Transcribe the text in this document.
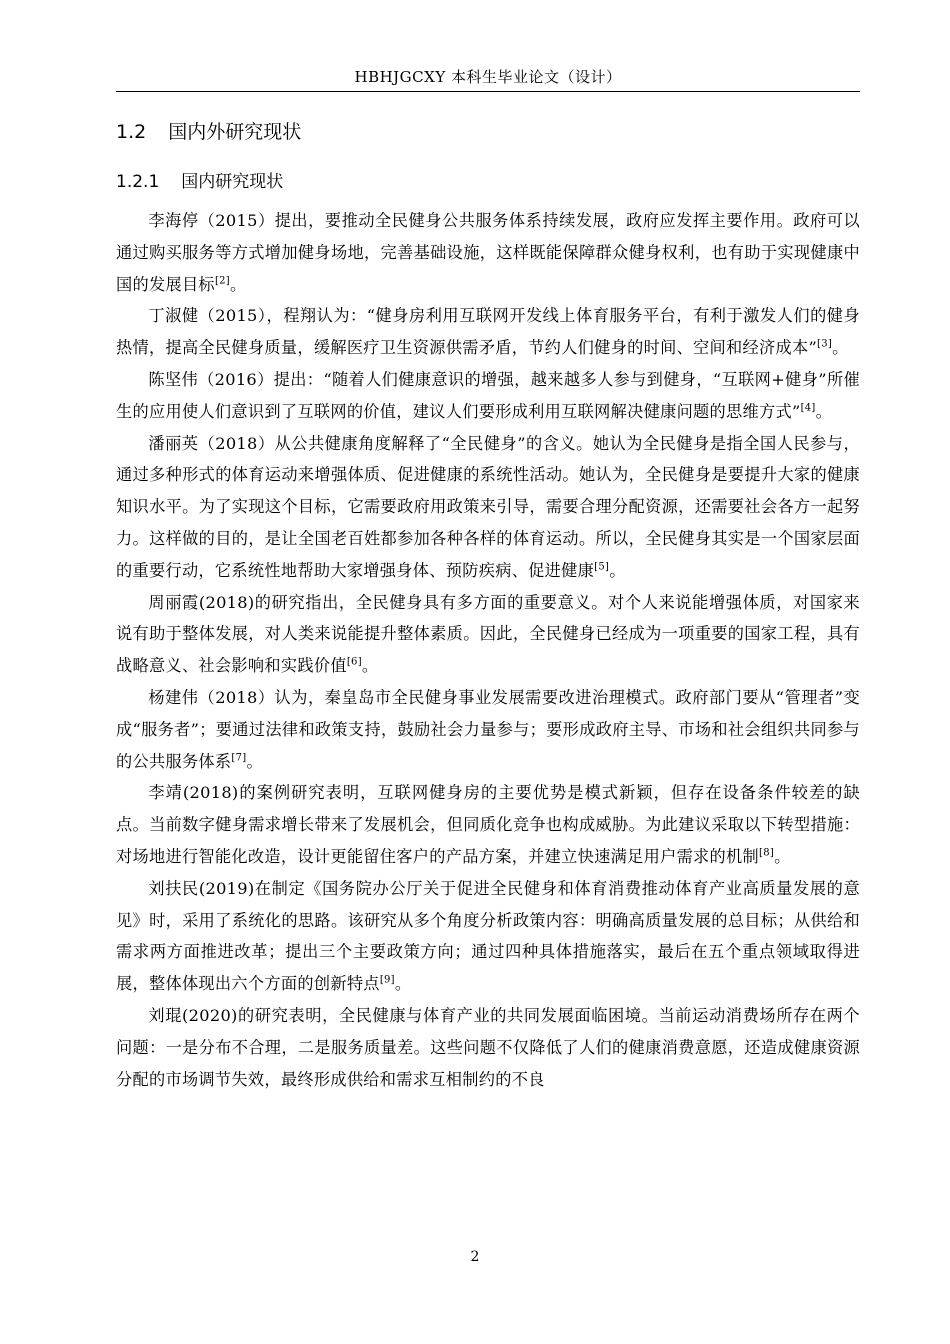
HBHJGCXY 本科生毕业论文（设计）
1.2 国内外研究现状
1.2.1 国内研究现状

李海停（2015）提出，要推动全民健身公共服务体系持续发展，政府应发挥主要作用。政府可以通过购买服务等方式增加健身场地，完善基础设施，这样既能保障群众健身权利，也有助于实现健康中国的发展目标[2]。

丁淑健（2015），程翔认为：“健身房利用互联网开发线上体育服务平台，有利于激发人们的健身热情，提高全民健身质量，缓解医疗卫生资源供需矛盾，节约人们健身的时间、空间和经济成本”[3]。

陈坚伟（2016）提出：“随着人们健康意识的增强，越来越多人参与到健身，“互联网+健身”所催生的应用使人们意识到了互联网的价值，建议人们要形成利用互联网解决健康问题的思维方式”[4]。

潘丽英（2018）从公共健康角度解释了“全民健身”的含义。她认为全民健身是指全国人民参与，通过多种形式的体育运动来增强体质、促进健康的系统性活动。她认为，全民健身是要提升大家的健康知识水平。为了实现这个目标，它需要政府用政策来引导，需要合理分配资源，还需要社会各方一起努力。这样做的目的，是让全国老百姓都参加各种各样的体育运动。所以，全民健身其实是一个国家层面的重要行动，它系统性地帮助大家增强身体、预防疾病、促进健康[5]。

周丽霞(2018)的研究指出，全民健身具有多方面的重要意义。对个人来说能增强体质，对国家来说有助于整体发展，对人类来说能提升整体素质。因此，全民健身已经成为一项重要的国家工程，具有战略意义、社会影响和实践价值[6]。

杨建伟（2018）认为，秦皇岛市全民健身事业发展需要改进治理模式。政府部门要从“管理者”变成“服务者”；要通过法律和政策支持，鼓励社会力量参与；要形成政府主导、市场和社会组织共同参与的公共服务体系[7]。

李靖(2018)的案例研究表明，互联网健身房的主要优势是模式新颖，但存在设备条件较差的缺点。当前数字健身需求增长带来了发展机会，但同质化竞争也构成威胁。为此建议采取以下转型措施：对场地进行智能化改造，设计更能留住客户的产品方案，并建立快速满足用户需求的机制[8]。

刘扶民(2019)在制定《国务院办公厅关于促进全民健身和体育消费推动体育产业高质量发展的意见》时，采用了系统化的思路。该研究从多个角度分析政策内容：明确高质量发展的总目标；从供给和需求两方面推进改革；提出三个主要政策方向；通过四种具体措施落实，最后在五个重点领域取得进展，整体体现出六个方面的创新特点[9]。

刘琨(2020)的研究表明，全民健康与体育产业的共同发展面临困境。当前运动消费场所存在两个问题：一是分布不合理，二是服务质量差。这些问题不仅降低了人们的健康消费意愿，还造成健康资源分配的市场调节失效，最终形成供给和需求互相制约的不良

2
